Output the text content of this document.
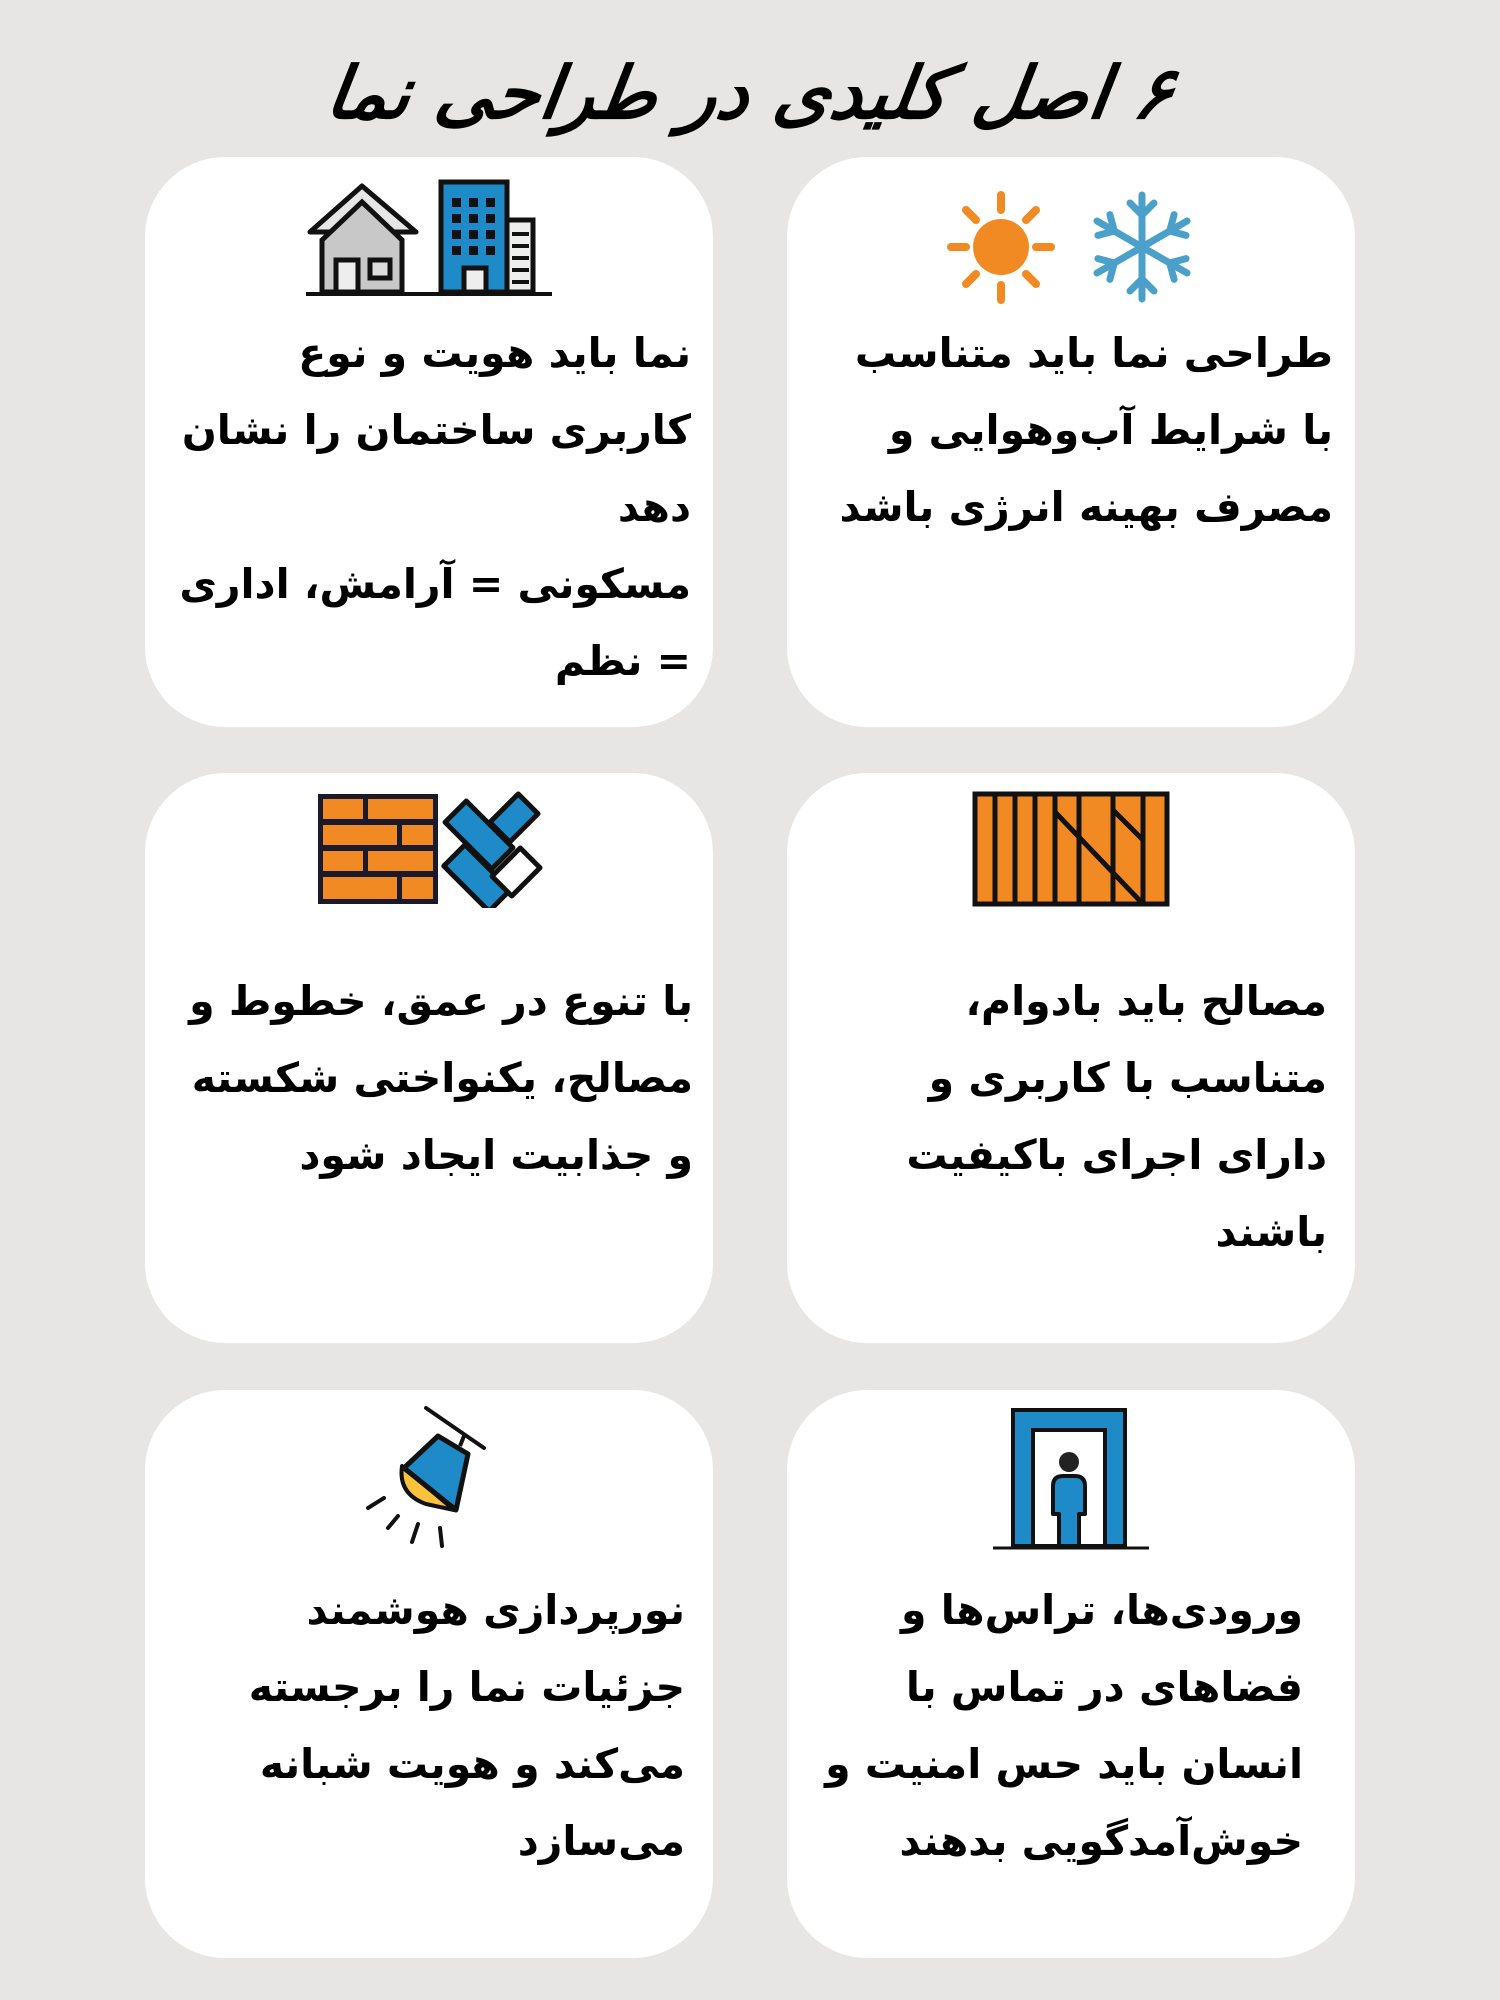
۶ اصل کلیدی در طراحی نما

طراحی نما باید متناسب

با شرایط آب‌وهوایی و

مصرف بهینه انرژی باشد

نما باید هویت و نوع

کاربری ساختمان را نشان

دهد

مسکونی = آرامش، اداری

= نظم

مصالح باید بادوام،

متناسب با کاربری و

دارای اجرای باکیفیت

باشند

با تنوع در عمق، خطوط و

مصالح، یکنواختی شکسته

و جذابیت ایجاد شود

ورودی‌ها، تراس‌ها و

فضاهای در تماس با

انسان باید حس امنیت و

خوش‌آمدگویی بدهند

نورپردازی هوشمند

جزئیات نما را برجسته

می‌کند و هویت شبانه

می‌سازد
